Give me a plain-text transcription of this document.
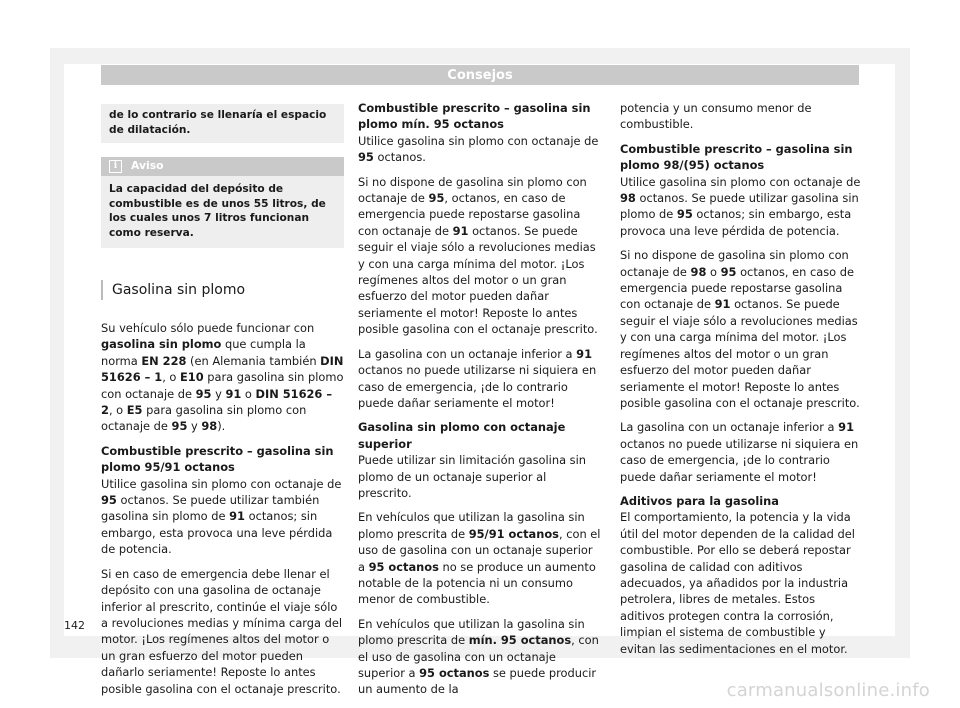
Consejos
de lo contrario se llenaría el espacio de dilatación.
i	Aviso
La capacidad del depósito de combustible es de unos 55 litros, de los cuales unos 7 litros funcionan como reserva.
Gasolina sin plomo

Su vehículo sólo puede funcionar con gasolina sin plomo que cumpla la norma EN 228 (en Alemania también DIN 51626 – 1, o E10 para gasolina sin plomo con octanaje de 95 y 91 o DIN 51626 – 2, o E5 para gasolina sin plomo con octanaje de 95 y 98).

Combustible prescrito – gasolina sin plomo 95/91 octanos

Utilice gasolina sin plomo con octanaje de 95 octanos. Se puede utilizar también gasolina sin plomo de 91 octanos; sin embargo, esta provoca una leve pérdida de potencia.

Si en caso de emergencia debe llenar el depósito con una gasolina de octanaje inferior al prescrito, continúe el viaje sólo a revoluciones medias y mínima carga del motor. ¡Los regímenes altos del motor o un gran esfuerzo del motor pueden dañarlo seriamente! Reposte lo antes posible gasolina con el octanaje prescrito.

Combustible prescrito – gasolina sin plomo mín. 95 octanos

Utilice gasolina sin plomo con octanaje de 95 octanos.

Si no dispone de gasolina sin plomo con octanaje de 95, octanos, en caso de emergencia puede repostarse gasolina con octanaje de 91 octanos. Se puede seguir el viaje sólo a revoluciones medias y con una carga mínima del motor. ¡Los regímenes altos del motor o un gran esfuerzo del motor pueden dañar seriamente el motor! Reposte lo antes posible gasolina con el octanaje prescrito.

La gasolina con un octanaje inferior a 91 octanos no puede utilizarse ni siquiera en caso de emergencia, ¡de lo contrario puede dañar seriamente el motor!

Gasolina sin plomo con octanaje superior

Puede utilizar sin limitación gasolina sin plomo de un octanaje superior al prescrito.

En vehículos que utilizan la gasolina sin plomo prescrita de 95/91 octanos, con el uso de gasolina con un octanaje superior a 95 octanos no se produce un aumento notable de la potencia ni un consumo menor de combustible.

En vehículos que utilizan la gasolina sin plomo prescrita de mín. 95 octanos, con el uso de gasolina con un octanaje superior a 95 octanos se puede producir un aumento de la

potencia y un consumo menor de combustible.

Combustible prescrito – gasolina sin plomo 98/(95) octanos

Utilice gasolina sin plomo con octanaje de 98 octanos. Se puede utilizar gasolina sin plomo de 95 octanos; sin embargo, esta provoca una leve pérdida de potencia.

Si no dispone de gasolina sin plomo con octanaje de 98 o 95 octanos, en caso de emergencia puede repostarse gasolina con octanaje de 91 octanos. Se puede seguir el viaje sólo a revoluciones medias y con una carga mínima del motor. ¡Los regímenes altos del motor o un gran esfuerzo del motor pueden dañar seriamente el motor! Reposte lo antes posible gasolina con el octanaje prescrito.

La gasolina con un octanaje inferior a 91 octanos no puede utilizarse ni siquiera en caso de emergencia, ¡de lo contrario puede dañar seriamente el motor!

Aditivos para la gasolina

El comportamiento, la potencia y la vida útil del motor dependen de la calidad del combustible. Por ello se deberá repostar gasolina de calidad con aditivos adecuados, ya añadidos por la industria petrolera, libres de metales. Estos aditivos protegen contra la corrosión, limpian el sistema de combustible y evitan las sedimentaciones en el motor.

142
carmanualsonline.info
